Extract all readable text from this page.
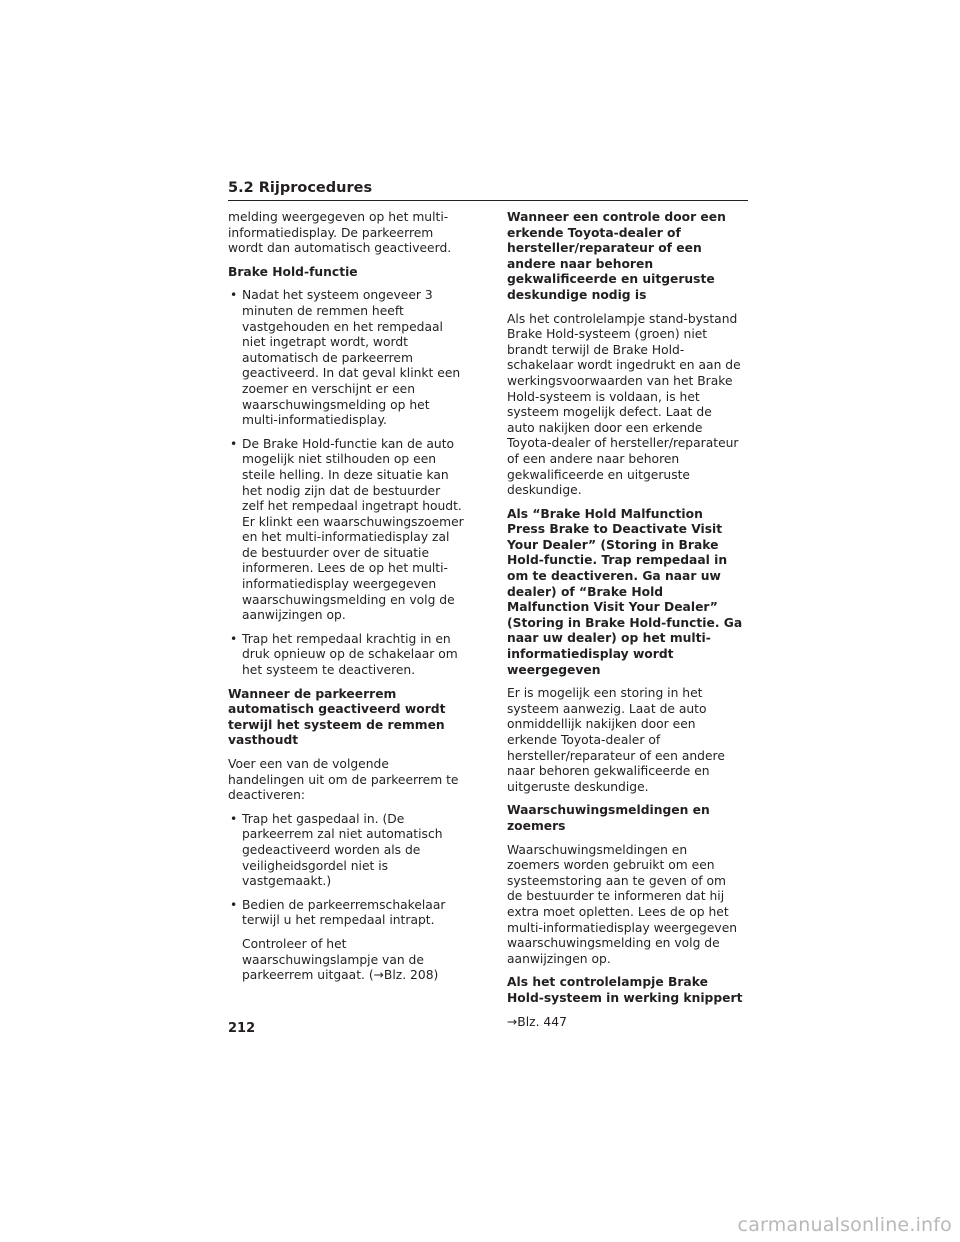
5.2 Rijprocedures

melding weergegeven op het multi-informatiedisplay. De parkeerrem wordt dan automatisch geactiveerd.

Brake Hold-functie
• Nadat het systeem ongeveer 3 minuten de remmen heeft vastgehouden en het rempedaal niet ingetrapt wordt, wordt automatisch de parkeerrem geactiveerd. In dat geval klinkt een zoemer en verschijnt er een waarschuwingsmelding op het multi-informatiedisplay.
• De Brake Hold-functie kan de auto mogelijk niet stilhouden op een steile helling. In deze situatie kan het nodig zijn dat de bestuurder zelf het rempedaal ingetrapt houdt. Er klinkt een waarschuwingszoemer en het multi-informatiedisplay zal de bestuurder over de situatie informeren. Lees de op het multi-informatiedisplay weergegeven waarschuwingsmelding en volg de aanwijzingen op.
• Trap het rempedaal krachtig in en druk opnieuw op de schakelaar om het systeem te deactiveren.
Wanneer de parkeerrem automatisch geactiveerd wordt terwijl het systeem de remmen vasthoudt

Voer een van de volgende handelingen uit om de parkeerrem te deactiveren:

• Trap het gaspedaal in. (De parkeerrem zal niet automatisch gedeactiveerd worden als de veiligheidsgordel niet is vastgemaakt.)
• Bedien de parkeerremschakelaar terwijl u het rempedaal intrapt.

Controleer of het waarschuwingslampje van de parkeerrem uitgaat. (→Blz. 208)

Wanneer een controle door een erkende Toyota-dealer of hersteller/reparateur of een andere naar behoren gekwalificeerde en uitgeruste deskundige nodig is

Als het controlelampje stand-bystand Brake Hold-systeem (groen) niet brandt terwijl de Brake Hold-schakelaar wordt ingedrukt en aan de werkingsvoorwaarden van het Brake Hold-systeem is voldaan, is het systeem mogelijk defect. Laat de auto nakijken door een erkende Toyota-dealer of hersteller/reparateur of een andere naar behoren gekwalificeerde en uitgeruste deskundige.

Als “Brake Hold Malfunction Press Brake to Deactivate Visit Your Dealer” (Storing in Brake Hold-functie. Trap rempedaal in om te deactiveren. Ga naar uw dealer) of “Brake Hold Malfunction Visit Your Dealer” (Storing in Brake Hold-functie. Ga naar uw dealer) op het multi-informatiedisplay wordt weergegeven

Er is mogelijk een storing in het systeem aanwezig. Laat de auto onmiddellijk nakijken door een erkende Toyota-dealer of hersteller/reparateur of een andere naar behoren gekwalificeerde en uitgeruste deskundige.

Waarschuwingsmeldingen en zoemers

Waarschuwingsmeldingen en zoemers worden gebruikt om een systeemstoring aan te geven of om de bestuurder te informeren dat hij extra moet opletten. Lees de op het multi-informatiedisplay weergegeven waarschuwingsmelding en volg de aanwijzingen op.

Als het controlelampje Brake Hold-systeem in werking knippert

→Blz. 447

212
carmanualsonline.info
